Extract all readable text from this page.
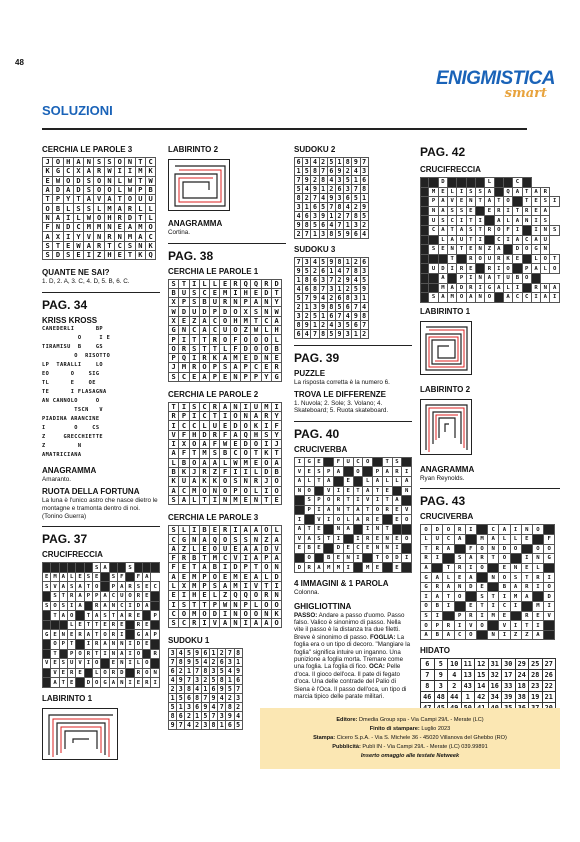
48
ENIGMISTICA
smart
SOLUZIONI
CERCHIA LE PAROLE 3
J	O	H	A	N	S	S	O	N	T	C
K	G	C	X	A	R	W	I	I	M	K
E	W	O	D	S	O	N	L	W	T	W
A	D	A	D	S	O	O	L	W	P	B
T	P	Y	T	A	V	A	T	O	U	U
O	B	L	S	S	L	M	A	R	L	L
N	A	I	L	W	O	H	R	D	T	L
F	N	D	C	M	M	N	E	A	M	O
A	X	I	Y	V	N	R	N	M	A	C
S	T	E	W	A	R	T	C	S	N	K
S	D	S	E	I	Z	H	E	T	K	Q
QUANTE NE SAI?
1. D, 2. A, 3. C, 4. D, 5. B, 6. C.
PAG. 34
KRISS KROSS
CANEDERLI      BP
O     I E
TIRAMISU  B    GS
O  RISOTTO
LP  TARALLI    LO
EO      O    SIG
TL      E    OE
TE      I FLASAGNA
AN CANNOLO     O
TSCN   V
PIADINA ARANCINE
I        O    CS
Z     GRECCHIETTE
Z         N
AMATRICIANA
ANAGRAMMA
Amaranto.
RUOTA DELLA FORTUNA
La luna è l'unico astro che nasce dietro le montagne e tramonta dentro di noi. (Tonino Guerra)
PAG. 37
CRUCIFRECCIA
						S	A			S			
E	M	A	L	E	S	E		S	F		F	A	
S	V	A	S	A	T	O		P	A	R	S	E	C
	S	T	R	A	P	P	A	C	U	O	R	E	
S	O	S	I	A		R	A	N	C	I	D	A	
	T	A	O		T	A	S	T	A	R	E		P
			L	E	T	T	E	R	E		R	E	
G	E	N	E	R	A	T	O	R	I		G	A	P
	O	P	T		I	R	A	N	N	I	D	E	
	T		P	O	R	T	I	N	A	I	O		R
V	E	S	U	V	I	O		E	N	I	L	O	
	V	E	R	E		L	O	R	D		R	O	N
	A	T	E		D	O	G	A	N	I	E	R	I
LABIRINTO 1
LABIRINTO 2
ANAGRAMMA
Cortina.
PAG. 38
CERCHIA LE PAROLE 1
S	T	I	L	L	E	R	Q	Q	R	D
B	U	S	C	E	M	I	H	E	D	T
X	P	S	B	U	R	N	P	A	N	Y
W	D	U	D	P	D	O	X	S	N	W
X	E	Z	A	C	O	H	M	T	C	A
G	N	C	A	C	U	O	Z	W	L	H
P	I	T	T	R	O	F	O	O	O	L
O	R	S	T	T	L	F	D	O	O	B
P	Q	I	R	K	A	M	E	D	N	E
J	M	R	O	P	S	A	P	C	E	R
S	C	E	A	P	E	N	P	P	Y	G
CERCHIA LE PAROLE 2
T	I	S	C	R	A	N	I	U	M	I
R	P	I	C	T	I	O	N	A	R	Y
I	C	C	L	U	E	D	O	K	I	F
V	F	H	D	R	F	A	Q	H	S	Y
I	X	O	A	F	W	E	D	O	I	J
A	F	T	M	S	B	C	O	T	K	T
L	B	O	A	A	L	W	M	E	O	A
B	K	J	R	Z	F	I	I	L	D	B
K	U	A	K	K	O	S	N	R	J	O
A	C	M	O	N	O	P	O	L	I	O
S	A	L	T	I	N	M	E	N	T	E
CERCHIA LE PAROLE 3
S	L	I	B	E	R	I	A	A	O	L
C	G	N	A	Q	O	S	S	N	Z	A
A	Z	L	E	O	U	E	A	A	D	V
F	R	B	T	M	C	V	I	A	P	A
F	E	T	A	B	I	D	P	T	O	N
A	E	M	P	O	E	M	E	A	L	D
L	X	M	P	S	A	M	I	V	T	I
E	I	H	E	L	Z	Q	Q	O	R	N
I	S	T	T	P	W	N	P	L	O	O
C	O	M	O	D	I	N	O	O	N	K
S	C	R	I	V	A	N	I	A	A	O
SUDOKU 1
3	4	5	9	6	1	2	7	8
7	8	9	5	4	2	6	3	1
6	2	1	7	8	3	5	4	9
4	9	7	3	2	5	8	1	6
2	3	8	4	1	6	9	5	7
1	5	6	8	7	9	4	2	3
5	1	3	6	9	4	7	8	2
8	6	2	1	5	7	3	9	4
9	7	4	2	3	8	1	6	5
SUDOKU 2
6	3	4	2	5	1	8	9	7
1	5	8	7	6	9	2	4	3
7	9	2	8	4	3	5	1	6
5	4	9	1	2	6	3	7	8
8	2	7	4	9	3	6	5	1
3	1	6	5	7	8	4	2	9
4	6	3	9	1	2	7	8	5
9	8	5	6	4	7	1	3	2
2	7	1	3	8	5	9	6	4
SUDOKU 3
7	3	4	5	9	8	1	2	6
9	5	2	6	1	4	7	8	3
1	8	6	3	7	2	9	4	5
4	6	8	7	3	1	2	5	9
5	7	9	4	2	6	8	3	1
2	1	3	9	8	5	6	7	4
3	2	5	1	6	7	4	9	8
8	9	1	2	4	3	5	6	7
6	4	7	8	5	9	3	1	2
PAG. 39
PUZZLE
La risposta corretta è la numero 6.
TROVA LE DIFFERENZE
1. Nuvola; 2. Sole; 3. Volano; 4. Skateboard; 5. Ruota skateboard.
PAG. 40
CRUCIVERBA
I	G	E		F	U	C	O		T	S	
V	E	S	P	A		O		P	A	R	I
A	L	T	A		E		L	A	L	L	A
N	O		V	I	E	T	A	T	E		N
	S	P	O	R	T	I	V	I	T	A	
	P	I	A	N	T	A	T	O	R	E	V
I		V	I	O	L	A	R	E		E	O
A	T	E		N	A		I	N	T		
V	A	S	T	I		I	R	E	N	E	O
E	B	E		D	E	C	E	N	N	I	
	O		B	E	N	I		T	O	D	I
D	R	A	M	M	I		M	E		E	
4 IMMAGINI & 1 PAROLA
Colonna.
GHIGLIOTTINA
PASSO: Andare a passo d'uomo. Passo falso. Valico è sinonimo di passo. Nella vite il passo è la distanza tra due filetti. Breve è sinonimo di passo. FOGLIA: La foglia era o un tipo di decoro. "Mangiare la foglia" significa intuire un inganno. Una punizione a foglia morta. Tremare come una foglia. La foglia di fico. OCA: Pelle d'oca. Il gioco dell'oca. Il pate di fegato d'oca. Una delle contrade del Palio di Siena è l'Oca. Il passo dell'oca, un tipo di marcia tipico delle parate militari.
PAG. 42
CRUCIFRECCIA
		D					L			C				
	M	E	L	I	S	S	A		Q	A	T	A	R	
	P	A	V	E	N	T	A	T	O		T	E	S	I
	N	A	S	S	E		E	R	I	T	R	E	A	
	U	S	C	I	T	I		A	L	A	N	I	S	
	C	A	T	A	S	T	R	O	F	I		I	N	S
		L	A	U	T	I		C	I	A	C	A	U	
	S	E	N	T	E	N	Z	A		D	O	G	N	
			T		R	O	U	R	K	E		L	O	T
	U	D	I	R	E		R	I	O		P	A	L	O
		A		P	I	N	A	T	U	B	O			
		M	A	D	R	I	G	A	L	I		R	N	A
	S	A	M	O	A	N	O		A	C	C	I	A	I
LABIRINTO 1
LABIRINTO 2
ANAGRAMMA
Ryan Reynolds.
PAG. 43
CRUCIVERBA
O	D	O	R	I		C	A	I	N	O	
L	U	C	A		M	A	L	L	E		F
T	R	A		F	O	N	D	O		O	O
R	I		S	A	R	T	O		I	N	G
A		T	R	I	O		E	N	E	L	
G	A	L	E	A		N	O	S	T	R	I
G	R	A	N	D	E		B	A	R	I	O
I	A	T	O		S	T	I	M	A		D
O	B	I		E	T	I	C	I		M	I
S	I		P	R	I	M	E		R	E	V
O	P	R	I	V	O		V	I	T	I	
A	B	A	C	O		N	I	Z	Z	A	
HIDATO
6	5	10	11	12	31	30	29	25	27
7	9	4	13	15	32	17	24	28	26
8	3	2	43	14	16	33	18	23	22
46	48	44	1	42	34	39	38	19	21

Editore: Dmedia Group spa - Via Campi 29/L - Merate (LC)
Finito di stampare: Luglio 2023
Stampa: Cicero S.p.A. - Via S. Michele 36 - 45020 Villanova del Ghebbo (RO)
Pubblicità: Publi IN - Via Campi 29/L - Merate (LC) 039.99891
Inserto omaggio alle testate Netweek
